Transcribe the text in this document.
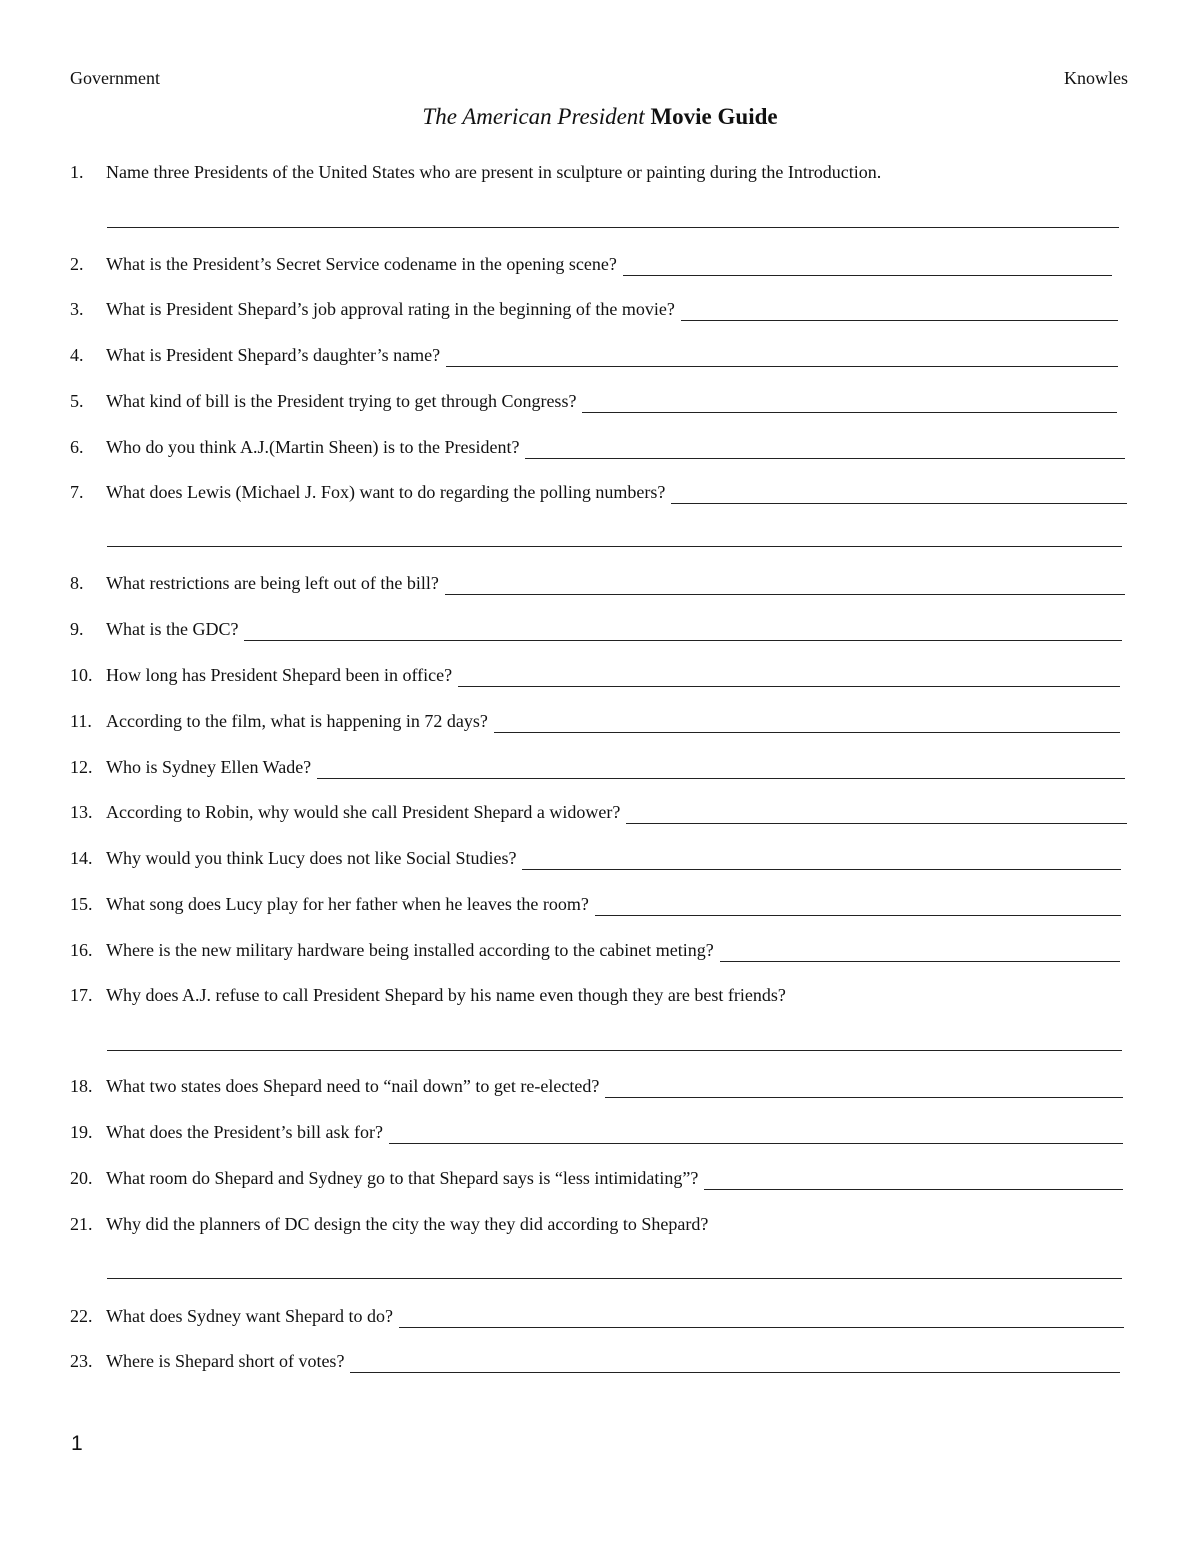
Government	Knowles
The American President Movie Guide
1.	Name three Presidents of the United States who are present in sculpture or painting during the Introduction.
2.	What is the President’s Secret Service codename in the opening scene?
3.	What is President Shepard’s job approval rating in the beginning of the movie?
4.	What is President Shepard’s daughter’s name?
5.	What kind of bill is the President trying to get through Congress?
6.	Who do you think A.J.(Martin Sheen) is to the President?
7.	What does Lewis (Michael J. Fox) want to do regarding the polling numbers?
8.	What restrictions are being left out of the bill?
9.	What is the GDC?
10. How long has President Shepard been in office?
11. According to the film, what is happening in 72 days?
12. Who is Sydney Ellen Wade?
13. According to Robin, why would she call President Shepard a widower?
14. Why would you think Lucy does not like Social Studies?
15. What song does Lucy play for her father when he leaves the room?
16. Where is the new military hardware being installed according to the cabinet meting?
17. Why does A.J. refuse to call President Shepard by his name even though they are best friends?
18. What two states does Shepard need to “nail down” to get re-elected?
19. What does the President’s bill ask for?
20. What room do Shepard and Sydney go to that Shepard says is “less intimidating”?
21. Why did the planners of DC design the city the way they did according to Shepard?
22. What does Sydney want Shepard to do?
23. Where is Shepard short of votes?
1
